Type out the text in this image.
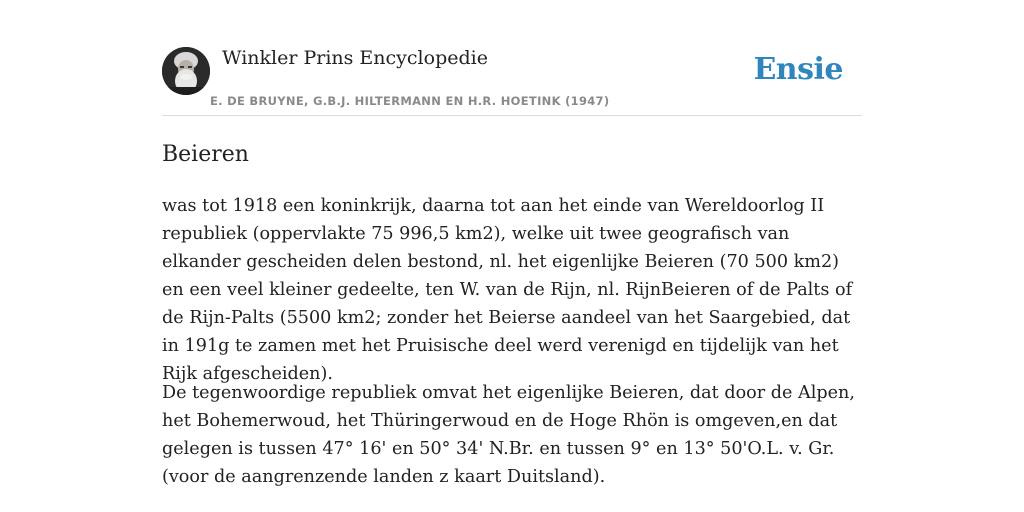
Winkler Prins Encyclopedie
E. DE BRUYNE, G.B.J. HILTERMANN EN H.R. HOETINK (1947)
Ensie
Beieren

was tot 1918 een koninkrijk, daarna tot aan het einde van Wereldoorlog II republiek (oppervlakte 75 996,5 km2), welke uit twee geografisch van elkander gescheiden delen bestond, nl. het eigenlijke Beieren (70 500 km2) en een veel kleiner gedeelte, ten W. van de Rijn, nl. RijnBeieren of de Palts of de Rijn-Palts (5500 km2; zonder het Beierse aandeel van het Saargebied, dat in 191g te zamen met het Pruisische deel werd verenigd en tijdelijk van het Rijk afgescheiden).

De tegenwoordige republiek omvat het eigenlijke Beieren, dat door de Alpen, het Bohemerwoud, het Thüringerwoud en de Hoge Rhön is omgeven,en dat gelegen is tussen 47° 16' en 50° 34' N.Br. en tussen 9° en 13° 50'O.L. v. Gr. (voor de aangrenzende landen z kaart Duitsland).
